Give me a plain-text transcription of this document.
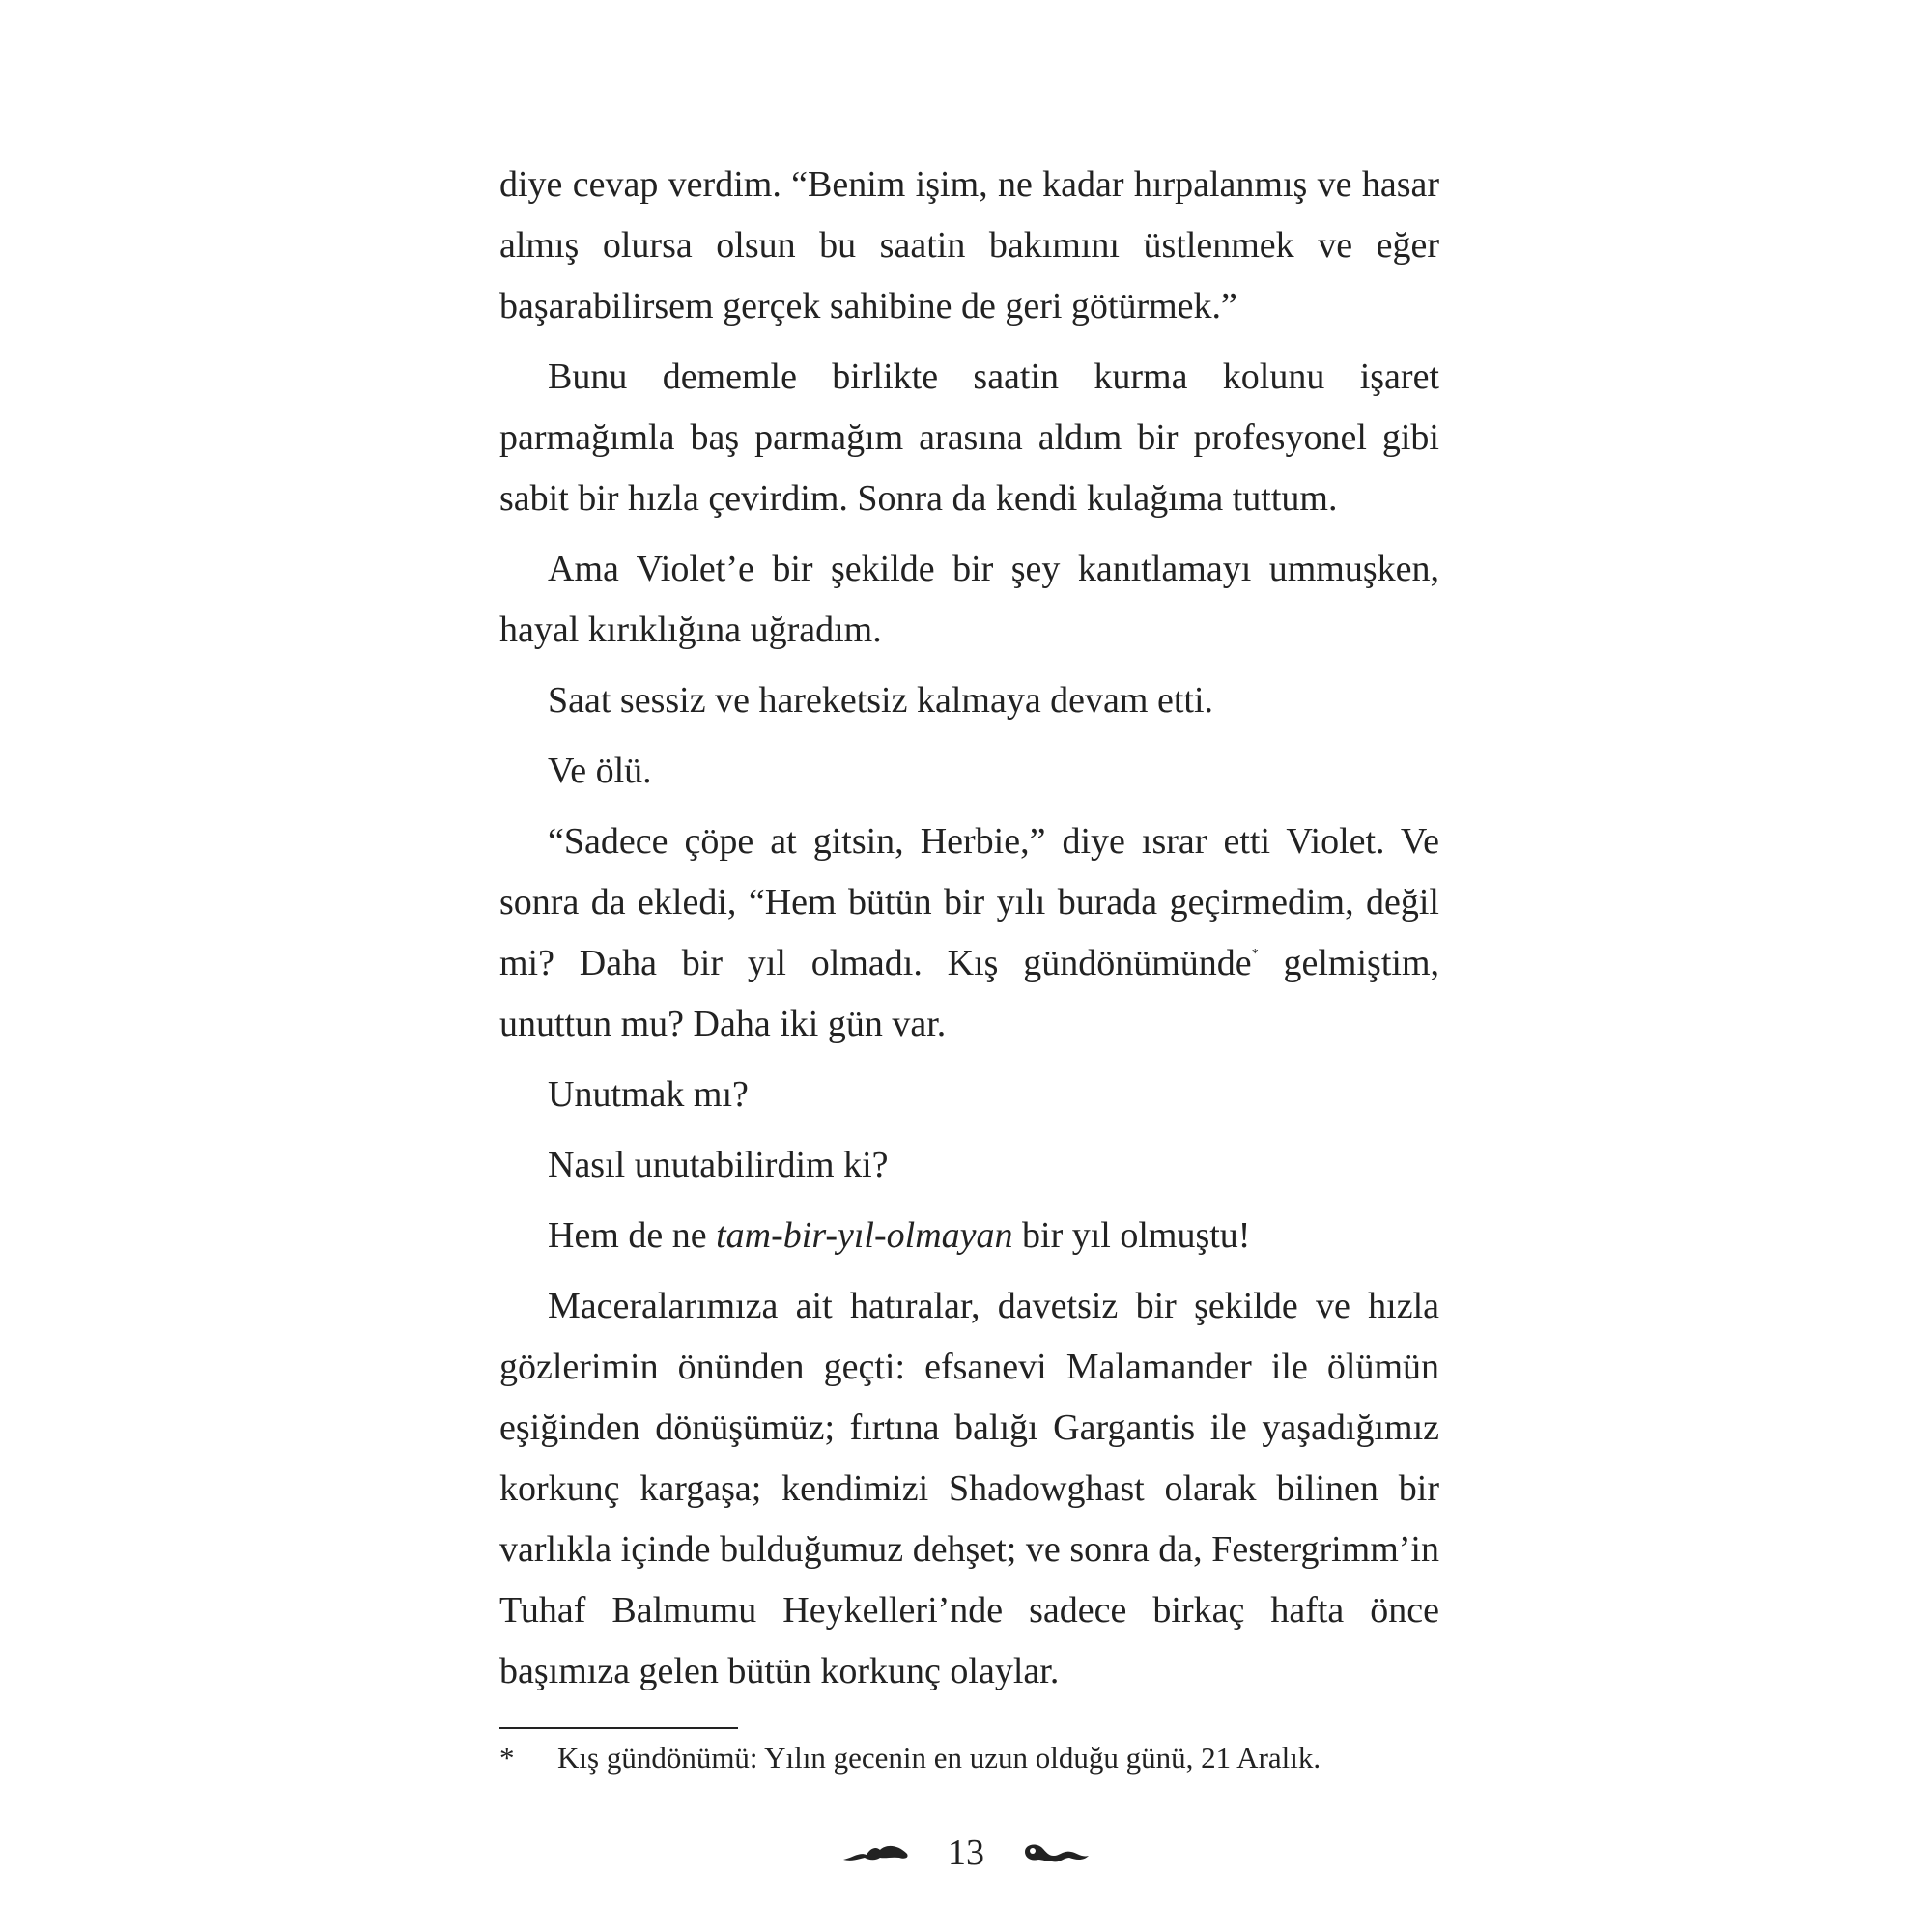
diye cevap verdim. “Benim işim, ne kadar hırpalanmış ve hasar almış olursa olsun bu saatin bakımını üstlenmek ve eğer başarabilirsem gerçek sahibine de geri götürmek.”

Bunu dememle birlikte saatin kurma kolunu işaret parmağımla baş parmağım arasına aldım bir profesyonel gibi sabit bir hızla çevirdim. Sonra da kendi kulağıma tuttum.

Ama Violet’e bir şekilde bir şey kanıtlamayı ummuşken, hayal kırıklığına uğradım.

Saat sessiz ve hareketsiz kalmaya devam etti.

Ve ölü.

“Sadece çöpe at gitsin, Herbie,” diye ısrar etti Violet. Ve sonra da ekledi, “Hem bütün bir yılı burada geçirmedim, değil mi? Daha bir yıl olmadı. Kış gündönümünde* gelmiştim, unuttun mu? Daha iki gün var.

Unutmak mı?

Nasıl unutabilirdim ki?

Hem de ne tam-bir-yıl-olmayan bir yıl olmuştu!

Maceralarımıza ait hatıralar, davetsiz bir şekilde ve hızla gözlerimin önünden geçti: efsanevi Malamander ile ölümün eşiğinden dönüşümüz; fırtına balığı Gargantis ile yaşadığımız korkunç kargaşa; kendimizi Shadowghast olarak bilinen bir varlıkla içinde bulduğumuz dehşet; ve sonra da, Festergrimm’in Tuhaf Balmumu Heykelleri’nde sadece birkaç hafta önce başımıza gelen bütün korkunç olaylar.

* Kış gündönümü: Yılın gecenin en uzun olduğu günü, 21 Aralık.
13
